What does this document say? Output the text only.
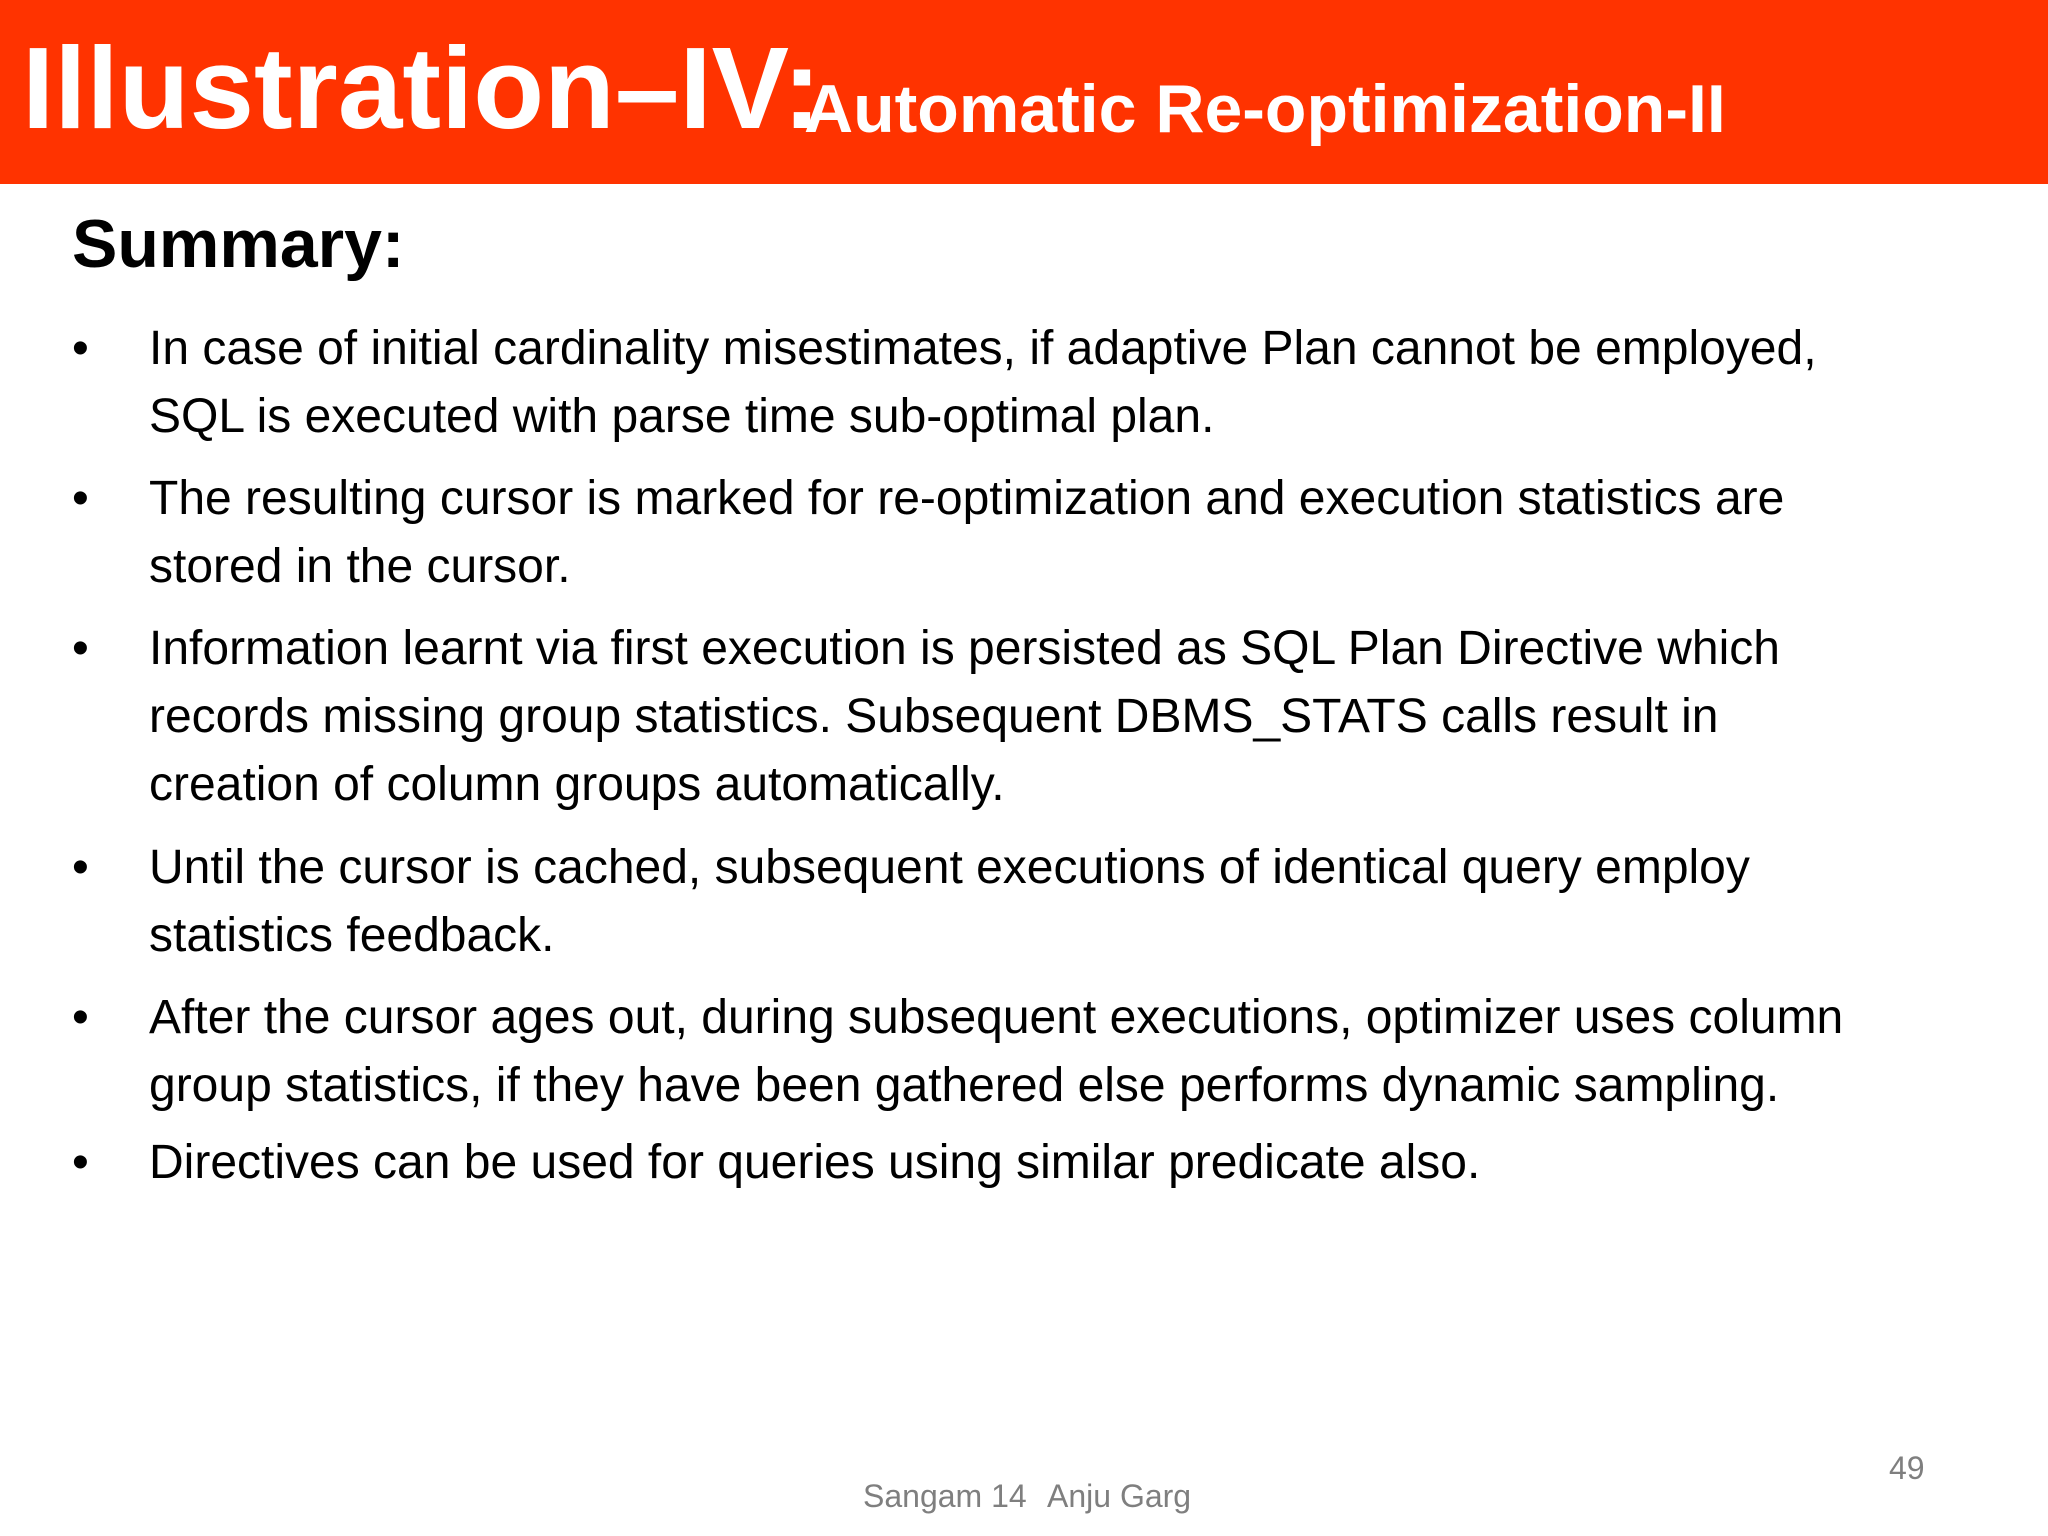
Illustration–IV:
Automatic Re-optimization-II
Summary:
• In case of initial cardinality misestimates, if adaptive Plan cannot be employed,
SQL is executed with parse time sub-optimal plan.
• The resulting cursor is marked for re-optimization and execution statistics are
stored in the cursor.
• Information learnt via first execution is persisted as SQL Plan Directive which
records missing group statistics. Subsequent DBMS_STATS calls result in
creation of column groups automatically.
• Until the cursor is cached, subsequent executions of identical query employ
statistics feedback.
• After the cursor ages out, during subsequent executions, optimizer uses column
group statistics, if they have been gathered else performs dynamic sampling.
• Directives can be used for queries using similar predicate also.
Sangam 14 Anju Garg
49
